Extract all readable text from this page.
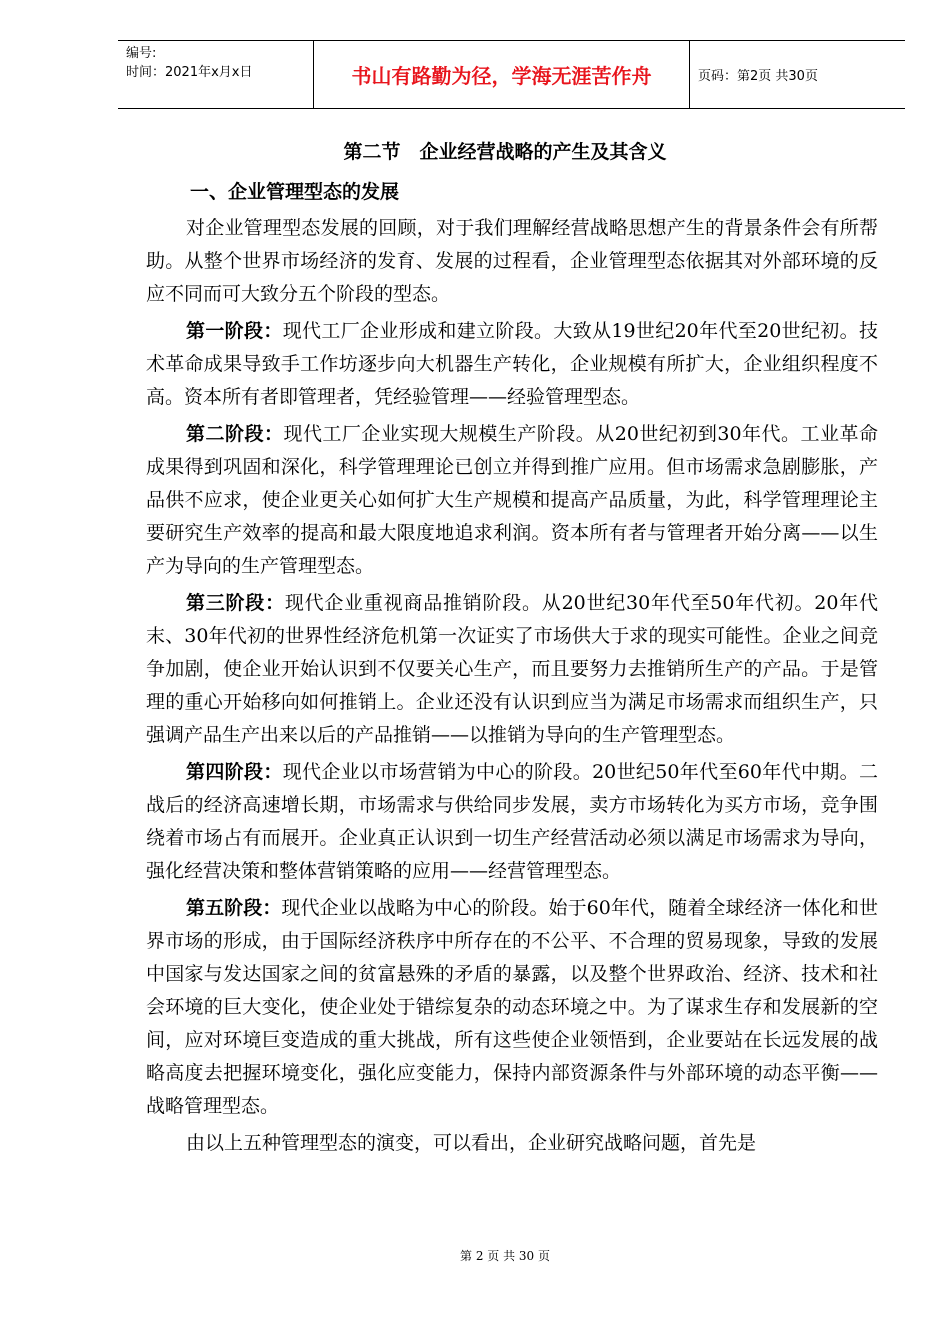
编号:
时间：2021年x月x日	书山有路勤为径，学海无涯苦作舟	页码：第2页 共30页
第二节　企业经营战略的产生及其含义
一、企业管理型态的发展

对企业管理型态发展的回顾，对于我们理解经营战略思想产生的背景条件会有所帮助。从整个世界市场经济的发育、发展的过程看，企业管理型态依据其对外部环境的反应不同而可大致分五个阶段的型态。

第一阶段：现代工厂企业形成和建立阶段。大致从19世纪20年代至20世纪初。技术革命成果导致手工作坊逐步向大机器生产转化，企业规模有所扩大，企业组织程度不高。资本所有者即管理者，凭经验管理——经验管理型态。

第二阶段：现代工厂企业实现大规模生产阶段。从20世纪初到30年代。工业革命成果得到巩固和深化，科学管理理论已创立并得到推广应用。但市场需求急剧膨胀，产品供不应求，使企业更关心如何扩大生产规模和提高产品质量，为此，科学管理理论主要研究生产效率的提高和最大限度地追求利润。资本所有者与管理者开始分离——以生产为导向的生产管理型态。

第三阶段：现代企业重视商品推销阶段。从20世纪30年代至50年代初。20年代末、30年代初的世界性经济危机第一次证实了市场供大于求的现实可能性。企业之间竞争加剧，使企业开始认识到不仅要关心生产，而且要努力去推销所生产的产品。于是管理的重心开始移向如何推销上。企业还没有认识到应当为满足市场需求而组织生产，只强调产品生产出来以后的产品推销——以推销为导向的生产管理型态。

第四阶段：现代企业以市场营销为中心的阶段。20世纪50年代至60年代中期。二战后的经济高速增长期，市场需求与供给同步发展，卖方市场转化为买方市场，竞争围绕着市场占有而展开。企业真正认识到一切生产经营活动必须以满足市场需求为导向，强化经营决策和整体营销策略的应用——经营管理型态。

第五阶段：现代企业以战略为中心的阶段。始于60年代，随着全球经济一体化和世界市场的形成，由于国际经济秩序中所存在的不公平、不合理的贸易现象，导致的发展中国家与发达国家之间的贫富悬殊的矛盾的暴露，以及整个世界政治、经济、技术和社会环境的巨大变化，使企业处于错综复杂的动态环境之中。为了谋求生存和发展新的空间，应对环境巨变造成的重大挑战，所有这些使企业领悟到，企业要站在长远发展的战略高度去把握环境变化，强化应变能力，保持内部资源条件与外部环境的动态平衡——战略管理型态。

由以上五种管理型态的演变，可以看出，企业研究战略问题，首先是

第 2 页 共 30 页
